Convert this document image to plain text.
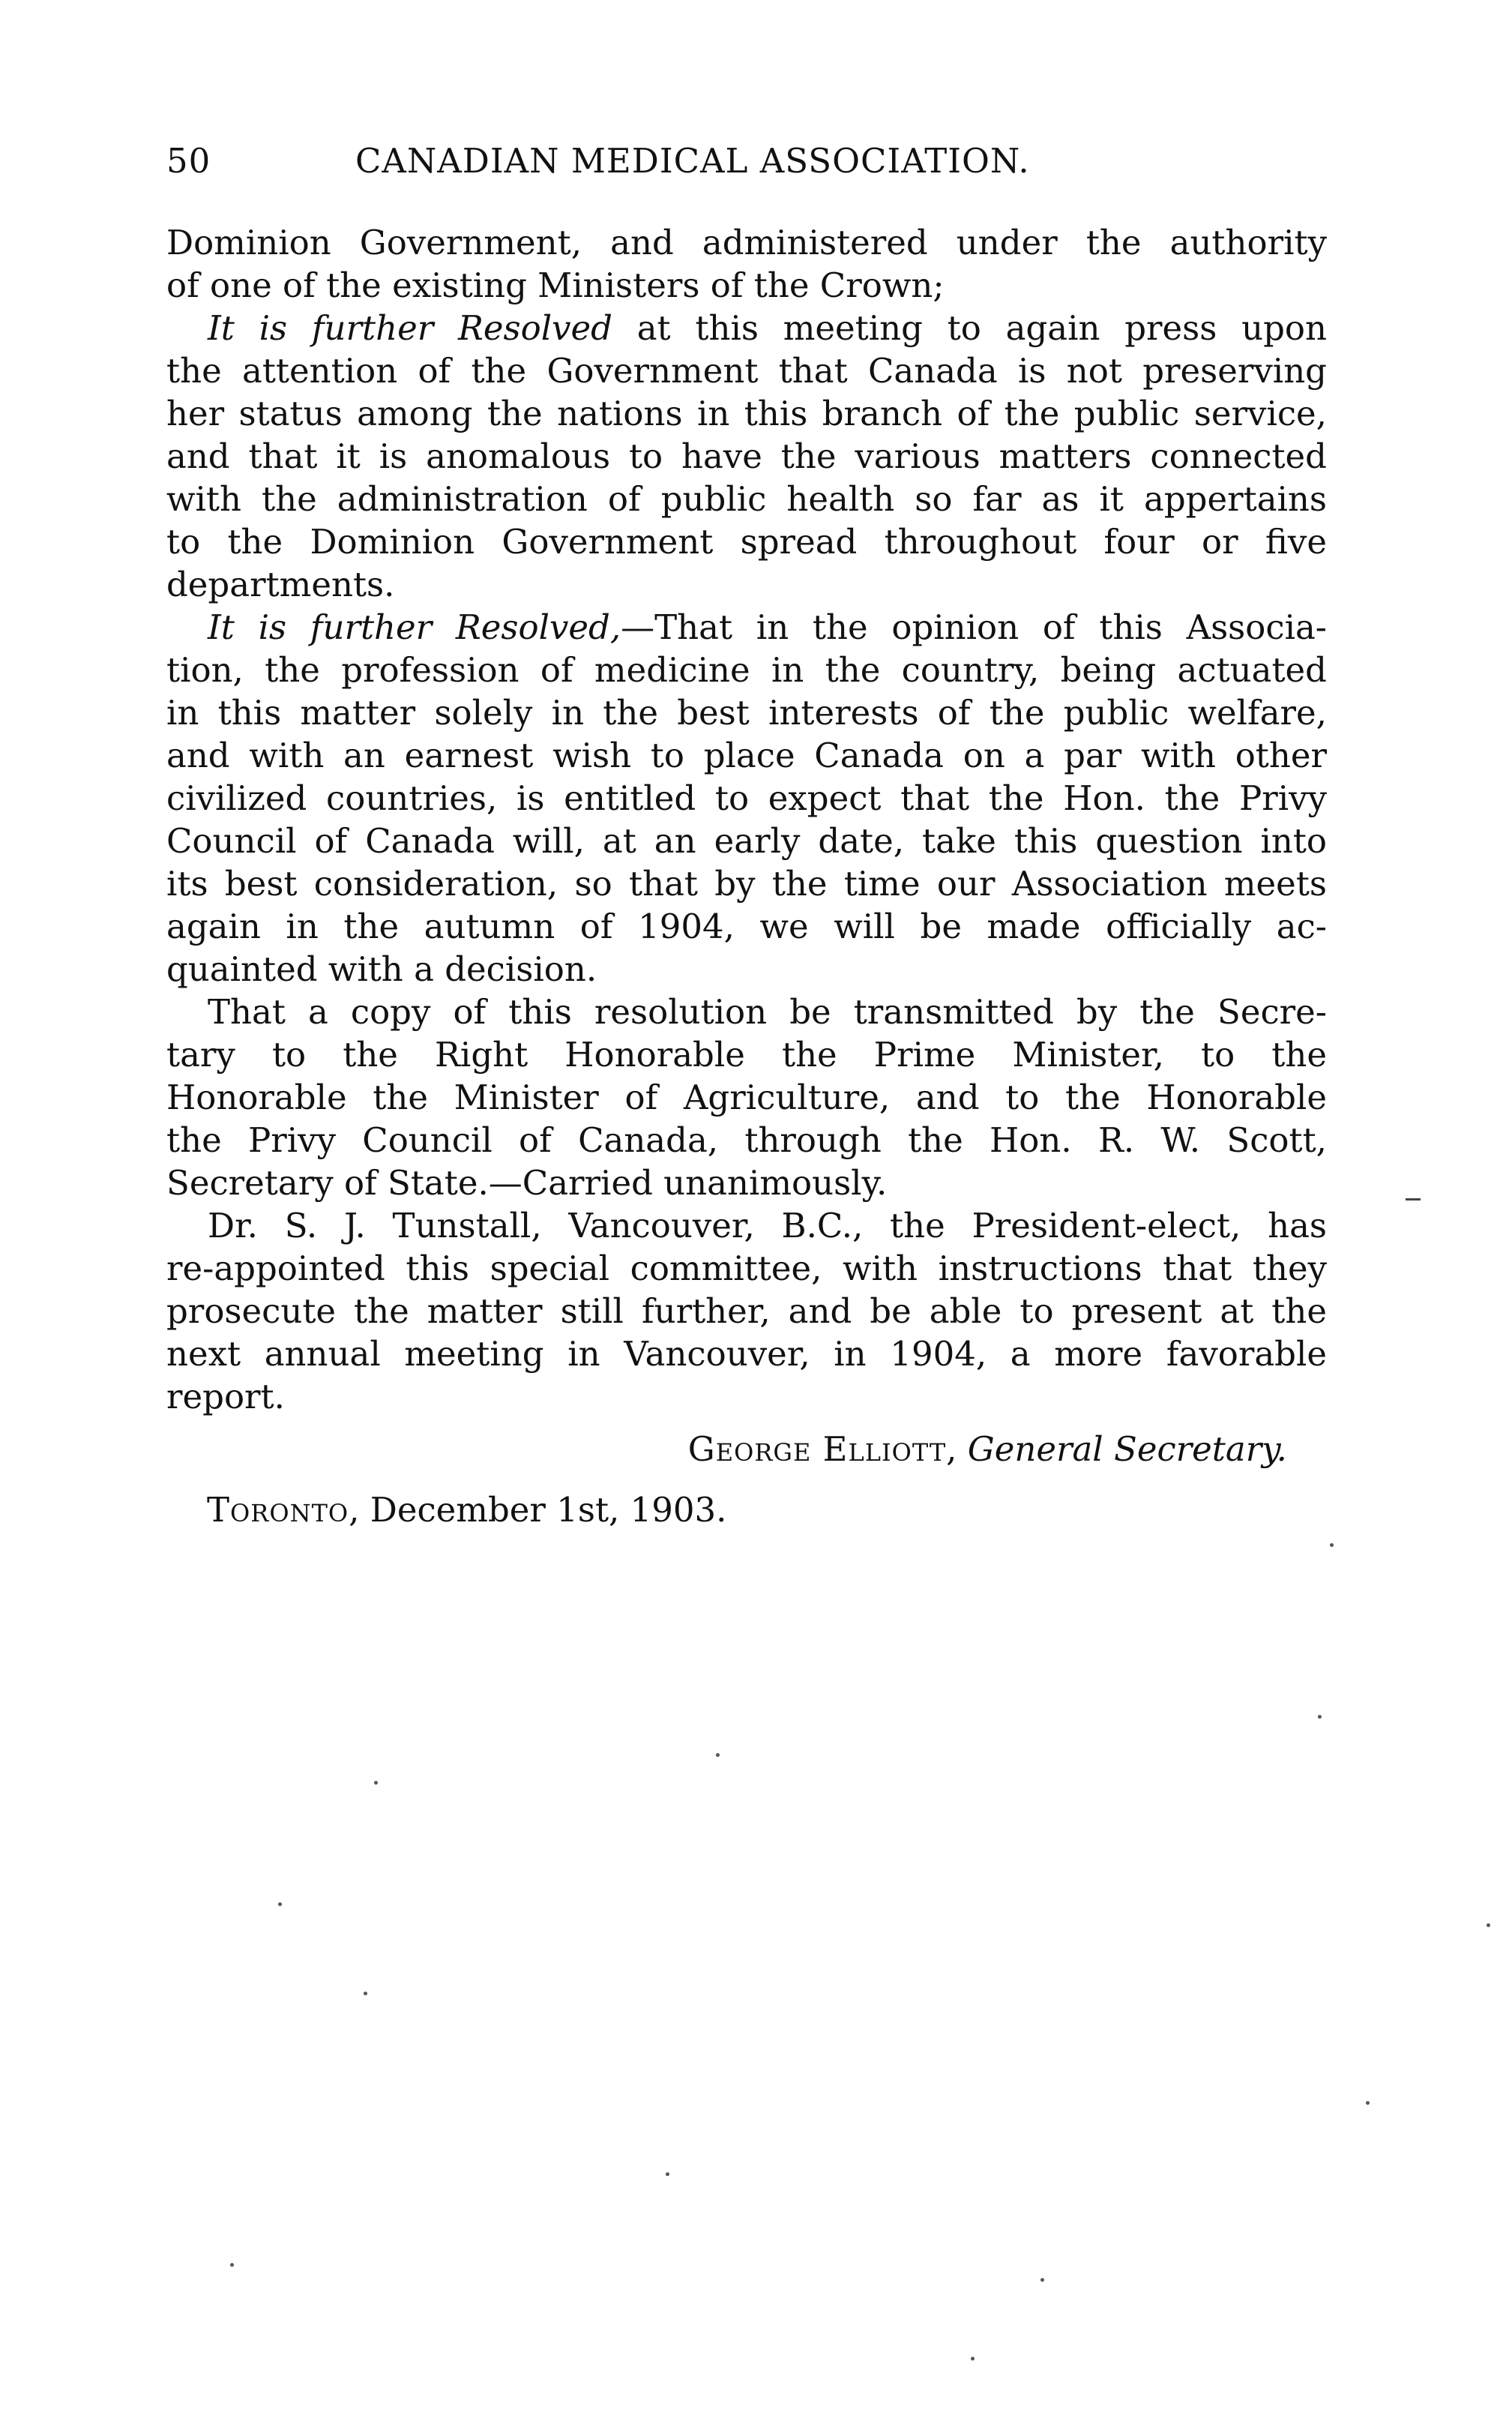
50	CANADIAN MEDICAL ASSOCIATION.
Dominion Government, and administered under the authority
of one of the existing Ministers of the Crown;
It is further Resolved at this meeting to again press upon
the attention of the Government that Canada is not preserving
her status among the nations in this branch of the public service,
and that it is anomalous to have the various matters connected
with the administration of public health so far as it appertains
to the Dominion Government spread throughout four or five
departments.
It is further Resolved,—That in the opinion of this Associa-
tion, the profession of medicine in the country, being actuated
in this matter solely in the best interests of the public welfare,
and with an earnest wish to place Canada on a par with other
civilized countries, is entitled to expect that the Hon. the Privy
Council of Canada will, at an early date, take this question into
its best consideration, so that by the time our Association meets
again in the autumn of 1904, we will be made officially ac-
quainted with a decision.
That a copy of this resolution be transmitted by the Secre-
tary to the Right Honorable the Prime Minister, to the
Honorable the Minister of Agriculture, and to the Honorable
the Privy Council of Canada, through the Hon. R. W. Scott,
Secretary of State.—Carried unanimously.
Dr. S. J. Tunstall, Vancouver, B.C., the President-elect, has
re-appointed this special committee, with instructions that they
prosecute the matter still further, and be able to present at the
next annual meeting in Vancouver, in 1904, a more favorable
report.
George Elliott, General Secretary.
Toronto, December 1st, 1903.
